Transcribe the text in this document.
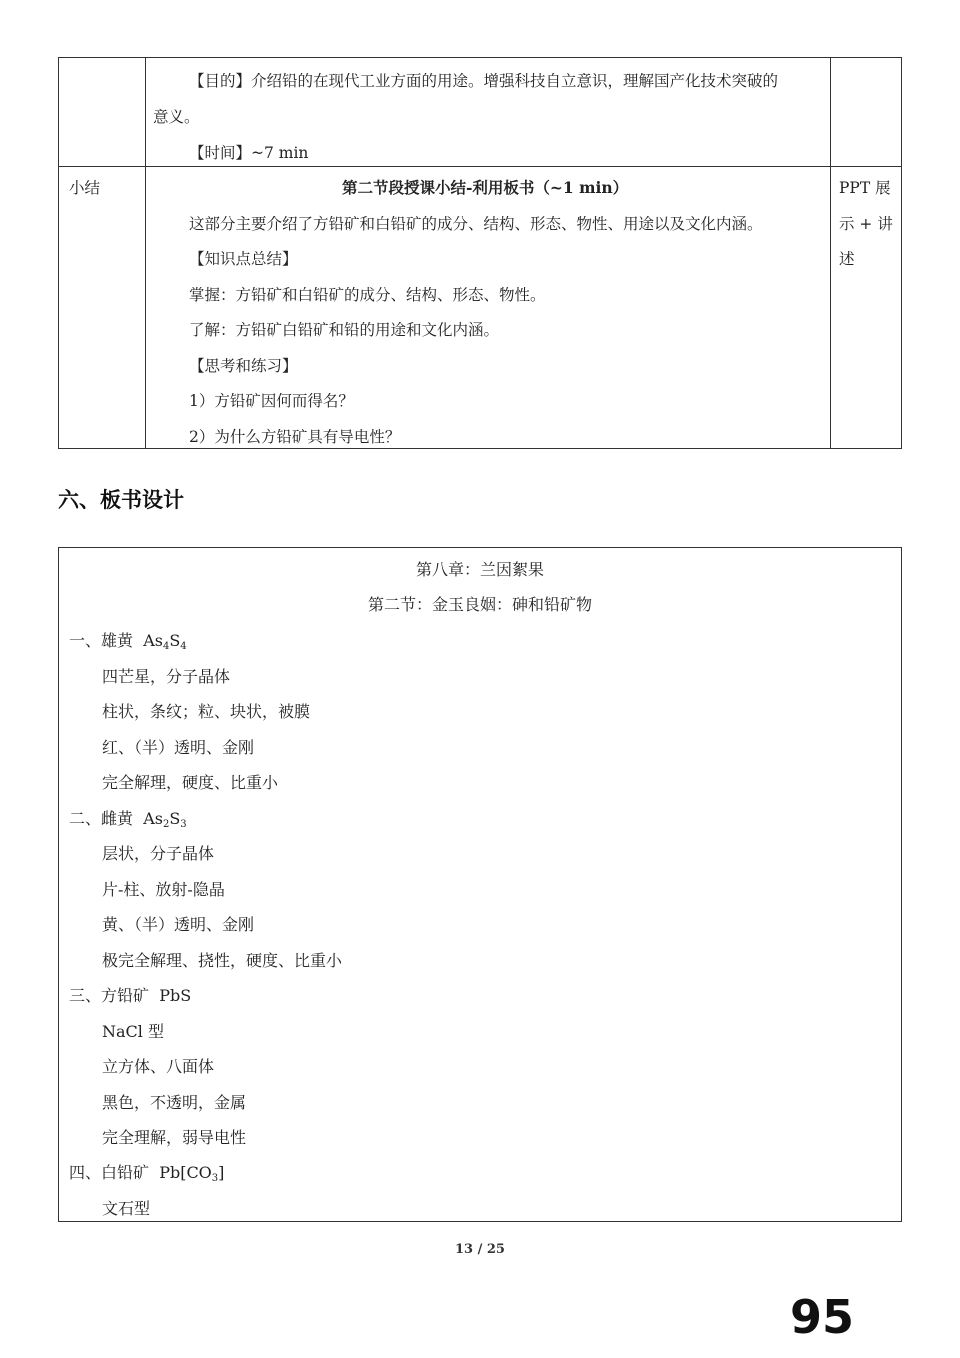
【目的】介绍铅的在现代工业方面的用途。增强科技自立意识，理解国产化技术突破的
意义。
【时间】~7 min
小结	第二节段授课小结-利用板书（~1 min）
这部分主要介绍了方铅矿和白铅矿的成分、结构、形态、物性、用途以及文化内涵。
【知识点总结】
掌握：方铅矿和白铅矿的成分、结构、形态、物性。
了解：方铅矿白铅矿和铅的用途和文化内涵。
【思考和练习】
1）方铅矿因何而得名？
2）为什么方铅矿具有导电性？
PPT 展
示 + 讲
述
六、板书设计
第八章：兰因絮果
第二节：金玉良姻：砷和铅矿物
一、雄黄 $As_4S_4$
四芒星，分子晶体
柱状，条纹；粒、块状，被膜
红、（半）透明、金刚
完全解理，硬度、比重小
二、雌黄 $As_2S_3$
层状，分子晶体
片-柱、放射-隐晶
黄、（半）透明、金刚
极完全解理、挠性，硬度、比重小
三、方铅矿 PbS
NaCl 型
立方体、八面体
黑色，不透明，金属
完全理解，弱导电性
四、白铅矿 $Pb[CO_3]$
文石型
13 / 25
95
